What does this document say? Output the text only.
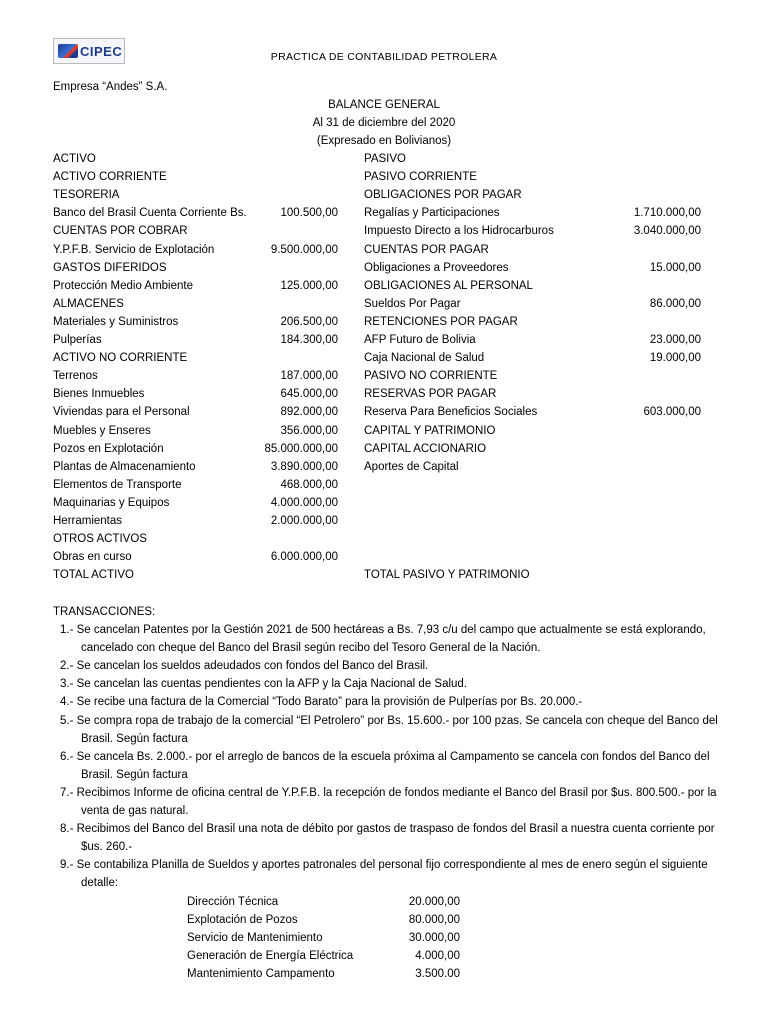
CIPEC	PRACTICA DE CONTABILIDAD PETROLERA
Empresa “Andes” S.A.
BALANCE GENERAL
Al 31 de diciembre del 2020
(Expresado en Bolivianos)
ACTIVO
ACTIVO CORRIENTE
TESORERIA
Banco del Brasil Cuenta Corriente Bs.	100.500,00
CUENTAS POR COBRAR
Y.P.F.B. Servicio de Explotación	9.500.000,00
GASTOS DIFERIDOS
Protección Medio Ambiente	125.000,00
ALMACENES
Materiales y Suministros	206.500,00
Pulperías	184.300,00
ACTIVO NO CORRIENTE
Terrenos	187.000,00
Bienes Inmuebles	645.000,00
Viviendas para el Personal	892.000,00
Muebles y Enseres	356.000,00
Pozos en Explotación	85.000.000,00
Plantas de Almacenamiento	3.890.000,00
Elementos de Transporte	468.000,00
Maquinarias y Equipos	4.000.000,00
Herramientas	2.000.000,00
OTROS ACTIVOS
Obras en curso	6.000.000,00
TOTAL ACTIVO
PASIVO
PASIVO CORRIENTE
OBLIGACIONES POR PAGAR
Regalías y Participaciones	1.710.000,00
Impuesto Directo a los Hidrocarburos	3.040.000,00
CUENTAS POR PAGAR
Obligaciones a Proveedores	15.000,00
OBLIGACIONES AL PERSONAL
Sueldos Por Pagar	86.000,00
RETENCIONES POR PAGAR
AFP Futuro de Bolivia	23.000,00
Caja Nacional de Salud	19.000,00
PASIVO NO CORRIENTE
RESERVAS POR PAGAR
Reserva Para Beneficios Sociales	603.000,00
CAPITAL Y PATRIMONIO
CAPITAL ACCIONARIO
Aportes de Capital
TOTAL PASIVO Y PATRIMONIO
TRANSACCIONES:
1.- Se cancelan Patentes por la Gestión 2021 de 500 hectáreas a Bs. 7,93 c/u del campo que actualmente se está explorando,
cancelado con cheque del Banco del Brasil según recibo del Tesoro General de la Nación.
2.- Se cancelan los sueldos adeudados con fondos del Banco del Brasil.
3.- Se cancelan las cuentas pendientes con la AFP y la Caja Nacional de Salud.
4.- Se recibe una factura de la Comercial “Todo Barato” para la provisión de Pulperías por Bs. 20.000.-
5.- Se compra ropa de trabajo de la comercial “El Petrolero” por Bs. 15.600.- por 100 pzas. Se cancela con cheque del Banco del
Brasil. Según factura
6.- Se cancela Bs. 2.000.- por el arreglo de bancos de la escuela próxima al Campamento se cancela con fondos del Banco del
Brasil. Según factura
7.- Recibimos Informe de oficina central de Y.P.F.B. la recepción de fondos mediante el Banco del Brasil por $us. 800.500.- por la
venta de gas natural.
8.- Recibimos del Banco del Brasil una nota de débito por gastos de traspaso de fondos del Brasil a nuestra cuenta corriente por
$us. 260.-
9.- Se contabiliza Planilla de Sueldos y aportes patronales del personal fijo correspondiente al mes de enero según el siguiente
detalle:
Dirección Técnica	20.000,00
Explotación de Pozos	80.000,00
Servicio de Mantenimiento	30.000,00
Generación de Energía Eléctrica	4.000,00
Mantenimiento Campamento	3.500.00
